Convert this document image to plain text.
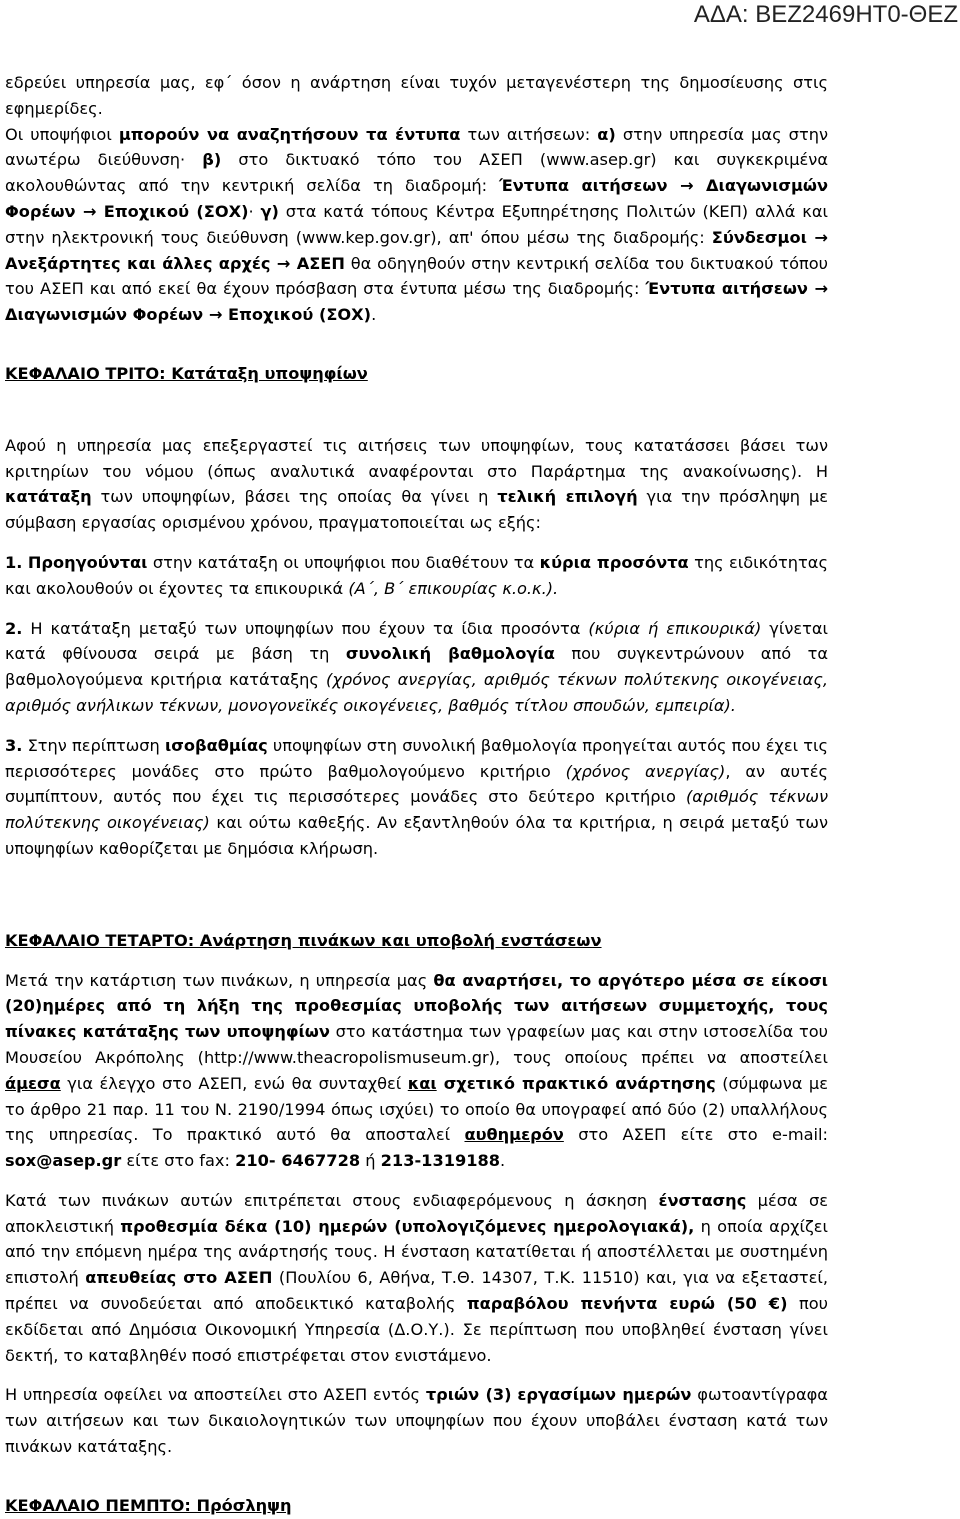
ΑΔΑ: ΒΕΖ2469ΗΤ0-ΘΕΖ

εδρεύει υπηρεσία μας, εφ΄ όσον η ανάρτηση είναι τυχόν μεταγενέστερη της δημοσίευσης στις εφημερίδες.

Οι υποψήφιοι μπορούν να αναζητήσουν τα έντυπα των αιτήσεων: α) στην υπηρεσία μας στην ανωτέρω διεύθυνση· β) στο δικτυακό τόπο του ΑΣΕΠ (www.asep.gr) και συγκεκριμένα ακολουθώντας από την κεντρική σελίδα τη διαδρομή: Έντυπα αιτήσεων → Διαγωνισμών Φορέων → Εποχικού (ΣΟΧ)· γ) στα κατά τόπους Κέντρα Εξυπηρέτησης Πολιτών (ΚΕΠ) αλλά και στην ηλεκτρονική τους διεύθυνση (www.kep.gov.gr), απ' όπου μέσω της διαδρομής: Σύνδεσμοι → Ανεξάρτητες και άλλες αρχές → ΑΣΕΠ θα οδηγηθούν στην κεντρική σελίδα του δικτυακού τόπου του ΑΣΕΠ και από εκεί θα έχουν πρόσβαση στα έντυπα μέσω της διαδρομής: Έντυπα αιτήσεων → Διαγωνισμών Φορέων → Εποχικού (ΣΟΧ).

ΚΕΦΑΛΑΙΟ ΤΡΙΤΟ: Κατάταξη υποψηφίων

Αφού η υπηρεσία μας επεξεργαστεί τις αιτήσεις των υποψηφίων, τους κατατάσσει βάσει των κριτηρίων του νόμου (όπως αναλυτικά αναφέρονται στο Παράρτημα της ανακοίνωσης). Η κατάταξη των υποψηφίων, βάσει της οποίας θα γίνει η τελική επιλογή για την πρόσληψη με σύμβαση εργασίας ορισμένου χρόνου, πραγματοποιείται ως εξής:

1. Προηγούνται στην κατάταξη οι υποψήφιοι που διαθέτουν τα κύρια προσόντα της ειδικότητας και ακολουθούν οι έχοντες τα επικουρικά (Α΄, Β΄ επικουρίας κ.ο.κ.).

2. Η κατάταξη μεταξύ των υποψηφίων που έχουν τα ίδια προσόντα (κύρια ή επικουρικά) γίνεται κατά φθίνουσα σειρά με βάση τη συνολική βαθμολογία που συγκεντρώνουν από τα βαθμολογούμενα κριτήρια κατάταξης (χρόνος ανεργίας, αριθμός τέκνων πολύτεκνης οικογένειας, αριθμός ανήλικων τέκνων, μονογονεϊκές οικογένειες, βαθμός τίτλου σπουδών, εμπειρία).

3. Στην περίπτωση ισοβαθμίας υποψηφίων στη συνολική βαθμολογία προηγείται αυτός που έχει τις περισσότερες μονάδες στο πρώτο βαθμολογούμενο κριτήριο (χρόνος ανεργίας), αν αυτές συμπίπτουν, αυτός που έχει τις περισσότερες μονάδες στο δεύτερο κριτήριο (αριθμός τέκνων πολύτεκνης οικογένειας) και ούτω καθεξής. Αν εξαντληθούν όλα τα κριτήρια, η σειρά μεταξύ των υποψηφίων καθορίζεται με δημόσια κλήρωση.

ΚΕΦΑΛΑΙΟ ΤΕΤΑΡΤΟ: Ανάρτηση πινάκων και υποβολή ενστάσεων

Μετά την κατάρτιση των πινάκων, η υπηρεσία μας θα αναρτήσει, το αργότερο μέσα σε είκοσι (20)ημέρες από τη λήξη της προθεσμίας υποβολής των αιτήσεων συμμετοχής, τους πίνακες κατάταξης των υποψηφίων στο κατάστημα των γραφείων μας και στην ιστοσελίδα του Μουσείου Ακρόπολης (http://www.theacropolismuseum.gr), τους οποίους πρέπει να αποστείλει άμεσα για έλεγχο στο ΑΣΕΠ, ενώ θα συνταχθεί και σχετικό πρακτικό ανάρτησης (σύμφωνα με το άρθρο 21 παρ. 11 του Ν. 2190/1994 όπως ισχύει) το οποίο θα υπογραφεί από δύο (2) υπαλλήλους της υπηρεσίας. Το πρακτικό αυτό θα αποσταλεί αυθημερόν στο ΑΣΕΠ είτε στο e-mail: sox@asep.gr είτε στο fax: 210- 6467728 ή 213-1319188.

Κατά των πινάκων αυτών επιτρέπεται στους ενδιαφερόμενους η άσκηση ένστασης μέσα σε αποκλειστική προθεσμία δέκα (10) ημερών (υπολογιζόμενες ημερολογιακά), η οποία αρχίζει από την επόμενη ημέρα της ανάρτησής τους. Η ένσταση κατατίθεται ή αποστέλλεται με συστημένη επιστολή απευθείας στο ΑΣΕΠ (Πουλίου 6, Αθήνα, Τ.Θ. 14307, Τ.Κ. 11510) και, για να εξεταστεί, πρέπει να συνοδεύεται από αποδεικτικό καταβολής παραβόλου πενήντα ευρώ (50 €) που εκδίδεται από Δημόσια Οικονομική Υπηρεσία (Δ.Ο.Υ.). Σε περίπτωση που υποβληθεί ένσταση γίνει δεκτή, το καταβληθέν ποσό επιστρέφεται στον ενιστάμενο.

Η υπηρεσία οφείλει να αποστείλει στο ΑΣΕΠ εντός τριών (3) εργασίμων ημερών φωτοαντίγραφα των αιτήσεων και των δικαιολογητικών των υποψηφίων που έχουν υποβάλει ένσταση κατά των πινάκων κατάταξης.

ΚΕΦΑΛΑΙΟ ΠΕΜΠΤΟ: Πρόσληψη
